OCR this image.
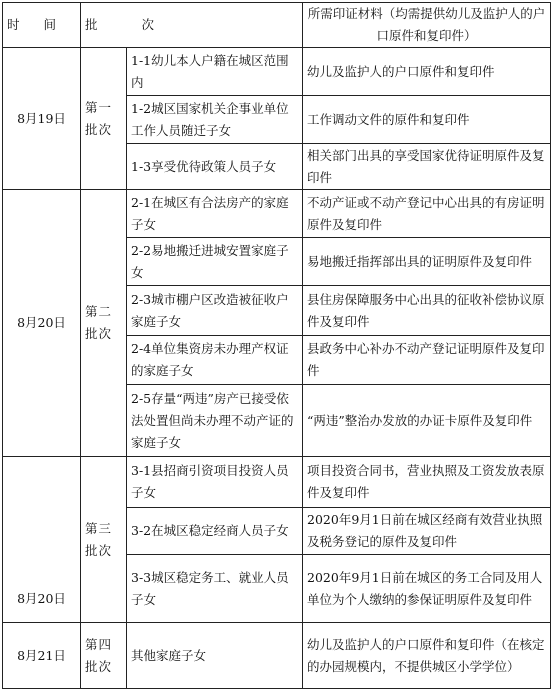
时 间	批 次		所需印证材料（均需提供幼儿及监护人的户口原件和复印件）
8月19日	第一批次	1-1幼儿本人户籍在城区范围内	幼儿及监护人的户口原件和复印件
		1-2城区国家机关企事业单位工作人员随迁子女	工作调动文件的原件和复印件
		1-3享受优待政策人员子女	相关部门出具的享受国家优待证明原件及复印件
8月20日	第二批次	2-1在城区有合法房产的家庭子女	不动产证或不动产登记中心出具的有房证明原件及复印件
		2-2易地搬迁进城安置家庭子女	易地搬迁指挥部出具的证明原件及复印件
		2-3城市棚户区改造被征收户家庭子女	县住房保障服务中心出具的征收补偿协议原件及复印件
		2-4单位集资房未办理产权证的家庭子女	县政务中心补办不动产登记证明原件及复印件
		2-5存量“两违”房产已接受依法处置但尚未办理不动产证的家庭子女	“两违”整治办发放的办证卡原件及复印件
8月20日	第三批次	3-1县招商引资项目投资人员子女	项目投资合同书，营业执照及工资发放表原件及复印件
		3-2在城区稳定经商人员子女	2020年9月1日前在城区经商有效营业执照及税务登记的原件及复印件
		3-3城区稳定务工、就业人员子女	2020年9月1日前在城区的务工合同及用人单位为个人缴纳的参保证明原件及复印件
8月21日	第四批次	其他家庭子女	幼儿及监护人的户口原件和复印件（在核定的办园规模内，不提供城区小学学位）
